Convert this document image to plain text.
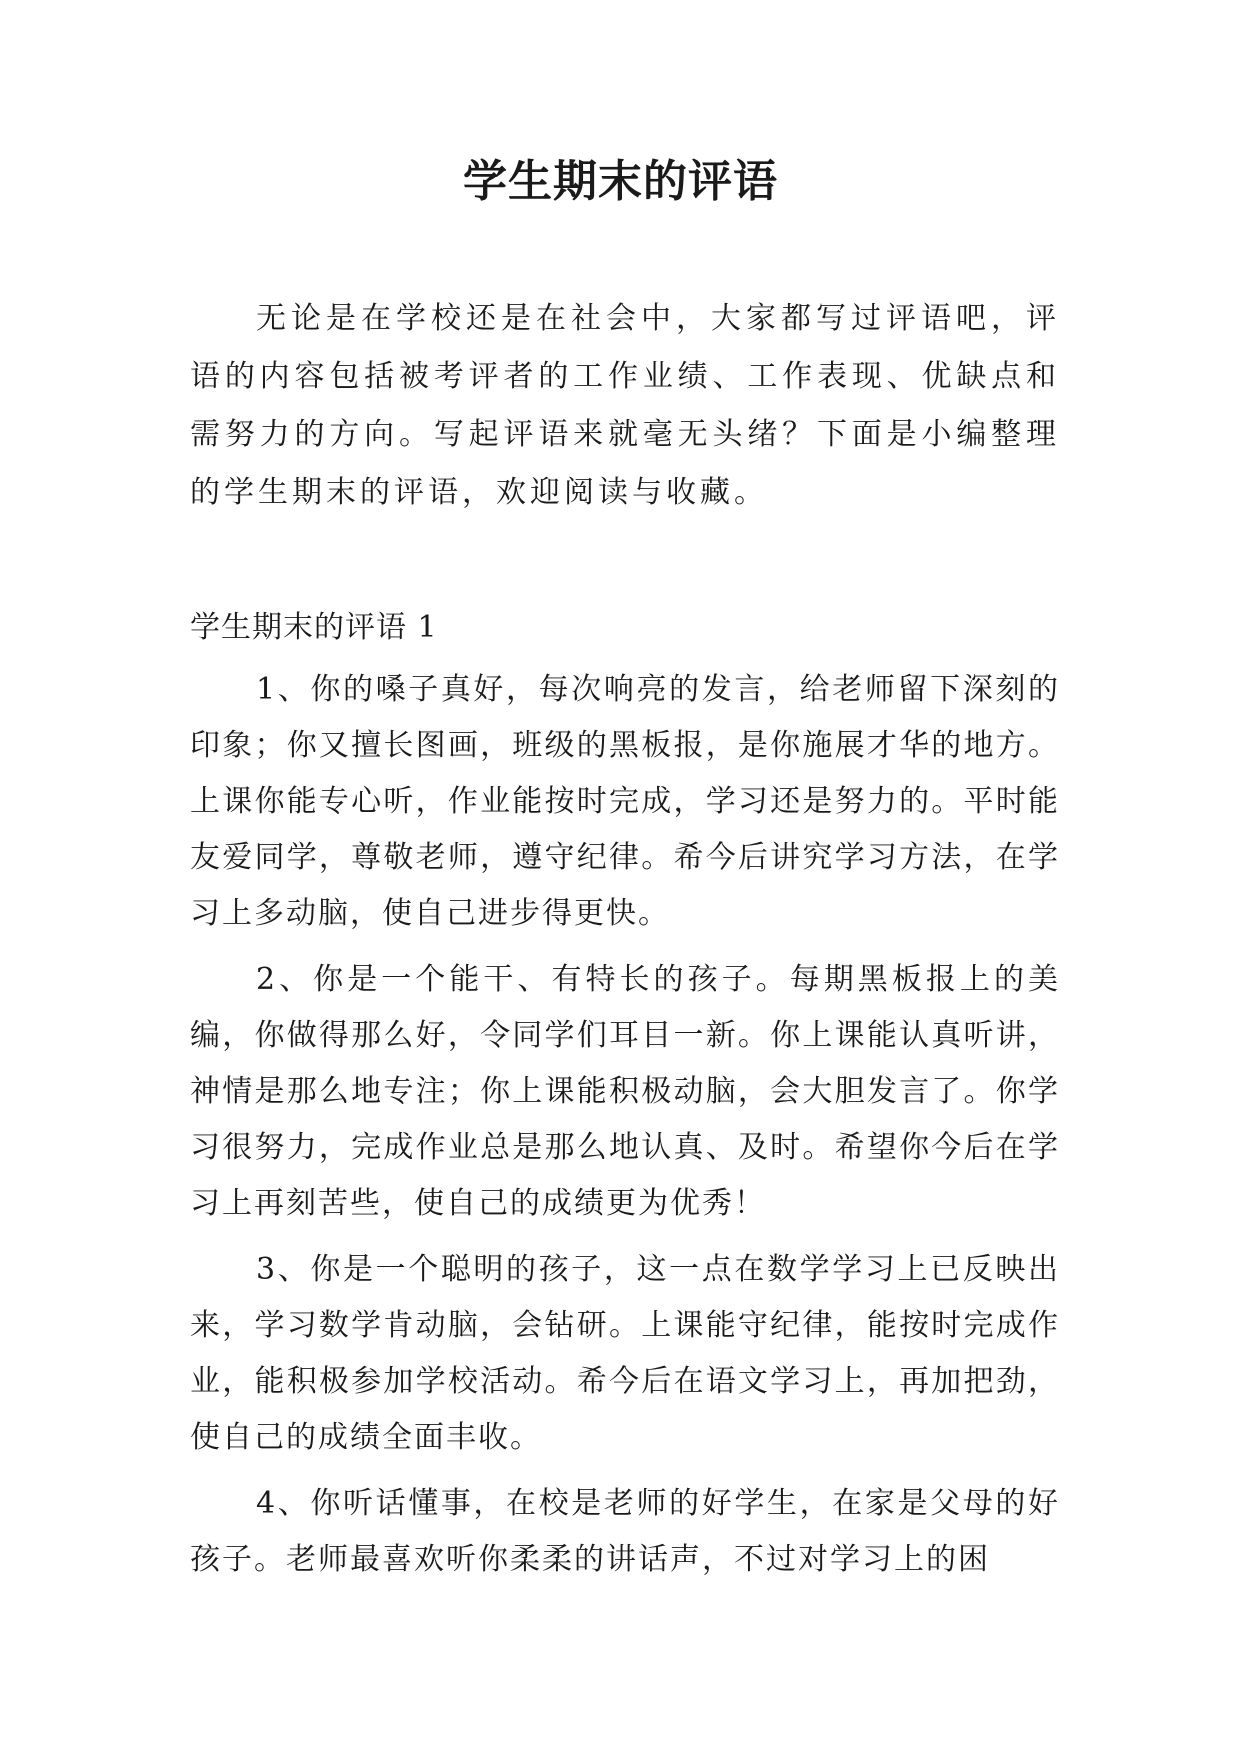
学生期末的评语

无论是在学校还是在社会中，大家都写过评语吧，评语的内容包括被考评者的工作业绩、工作表现、优缺点和需努力的方向。写起评语来就毫无头绪？下面是小编整理的学生期末的评语，欢迎阅读与收藏。

学生期末的评语 1

1、你的嗓子真好，每次响亮的发言，给老师留下深刻的印象；你又擅长图画，班级的黑板报，是你施展才华的地方。上课你能专心听，作业能按时完成，学习还是努力的。平时能友爱同学，尊敬老师，遵守纪律。希今后讲究学习方法，在学习上多动脑，使自己进步得更快。

2、你是一个能干、有特长的孩子。每期黑板报上的美编，你做得那么好，令同学们耳目一新。你上课能认真听讲，神情是那么地专注；你上课能积极动脑，会大胆发言了。你学习很努力，完成作业总是那么地认真、及时。希望你今后在学习上再刻苦些，使自己的成绩更为优秀！

3、你是一个聪明的孩子，这一点在数学学习上已反映出来，学习数学肯动脑，会钻研。上课能守纪律，能按时完成作业，能积极参加学校活动。希今后在语文学习上，再加把劲，使自己的成绩全面丰收。

4、你听话懂事，在校是老师的好学生，在家是父母的好孩子。老师最喜欢听你柔柔的讲话声，不过对学习上的困
